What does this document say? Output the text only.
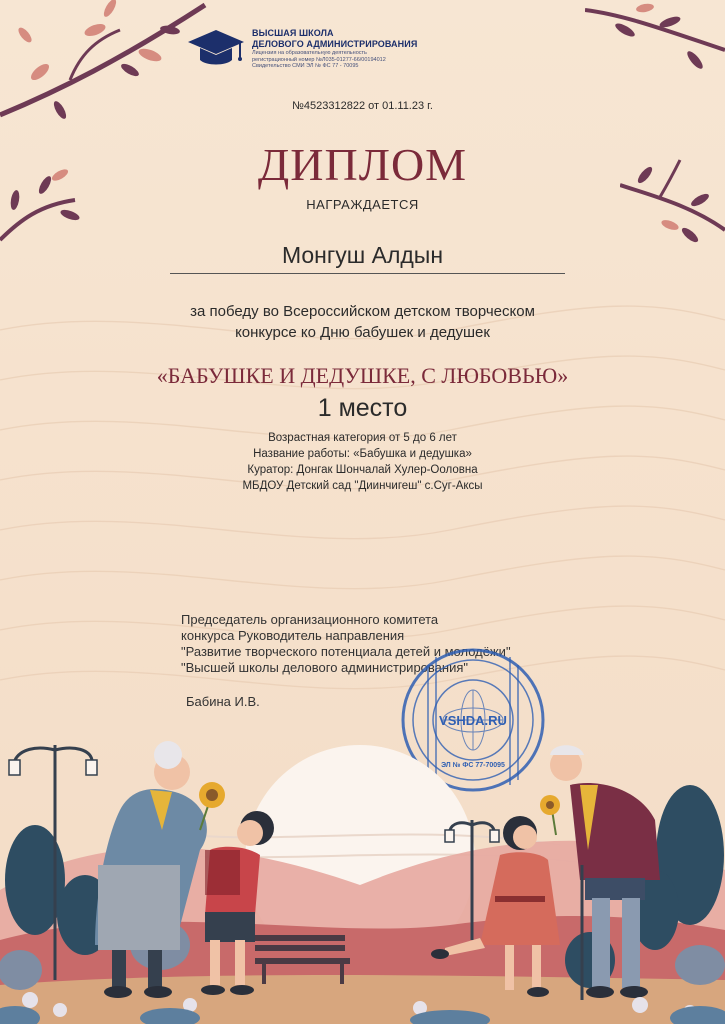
ВЫСШАЯ ШКОЛА
ДЕЛОВОГО АДМИНИСТРИРОВАНИЯ
Лицензия на образовательную деятельность
регистрационный номер №Л035-01277-66/00194012
Свидетельство СМИ ЭЛ № ФС 77 - 70095
№4523312822 от 01.11.23 г.
ДИПЛОМ
НАГРАЖДАЕТСЯ
Монгуш Алдын
за победу во Всероссийском детском творческом
конкурсе ко Дню бабушек и дедушек
«БАБУШКЕ И ДЕДУШКЕ, С ЛЮБОВЬЮ»
1 место
Возрастная категория от 5 до 6 лет
Название работы: «Бабушка и дедушка»
Куратор: Донгак Шончалай Хулер-Ооловна
МБДОУ Детский сад "Диинчигеш" с.Суг-Аксы
Председатель организационного комитета
конкурса Руководитель направления
"Развитие творческого потенциала детей и молодёжи"
"Высшей школы делового администрирования"
Бабина И.В.
VSHDA.RU
ЭЛ № ФС 77-70095
